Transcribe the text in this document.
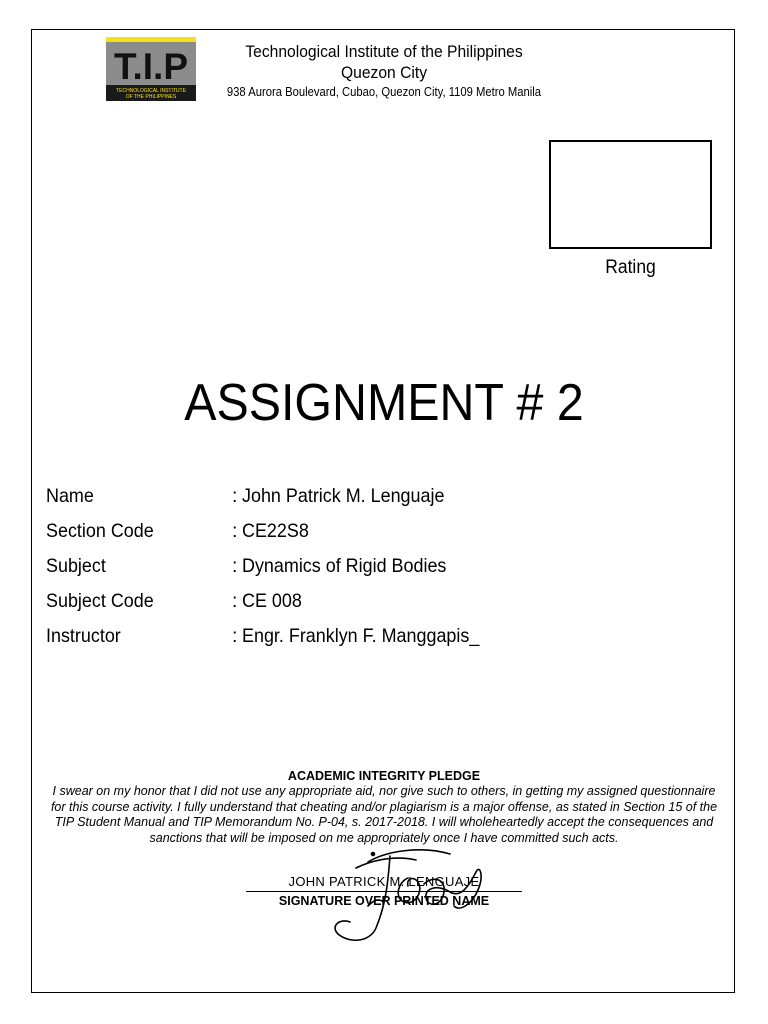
T.I.P
TECHNOLOGICAL INSTITUTE
OF THE PHILIPPINES
Technological Institute of the Philippines
Quezon City
938 Aurora Boulevard, Cubao, Quezon City, 1109 Metro Manila
Rating
ASSIGNMENT # 2
Name	: John Patrick M. Lenguaje
Section Code	: CE22S8
Subject	: Dynamics of Rigid Bodies
Subject Code	: CE 008
Instructor	: Engr. Franklyn F. Manggapis_
ACADEMIC INTEGRITY PLEDGE

I swear on my honor that I did not use any appropriate aid, nor give such to others, in getting my assigned questionnaire for this course activity. I fully understand that cheating and/or plagiarism is a major offense, as stated in Section 15 of the

TIP Student Manual and TIP Memorandum No. P-04, s. 2017-2018. I will wholeheartedly accept the consequences and sanctions that will be imposed on me appropriately once I have committed such acts.

JOHN PATRICK M. LENGUAJE
SIGNATURE OVER PRINTED NAME
